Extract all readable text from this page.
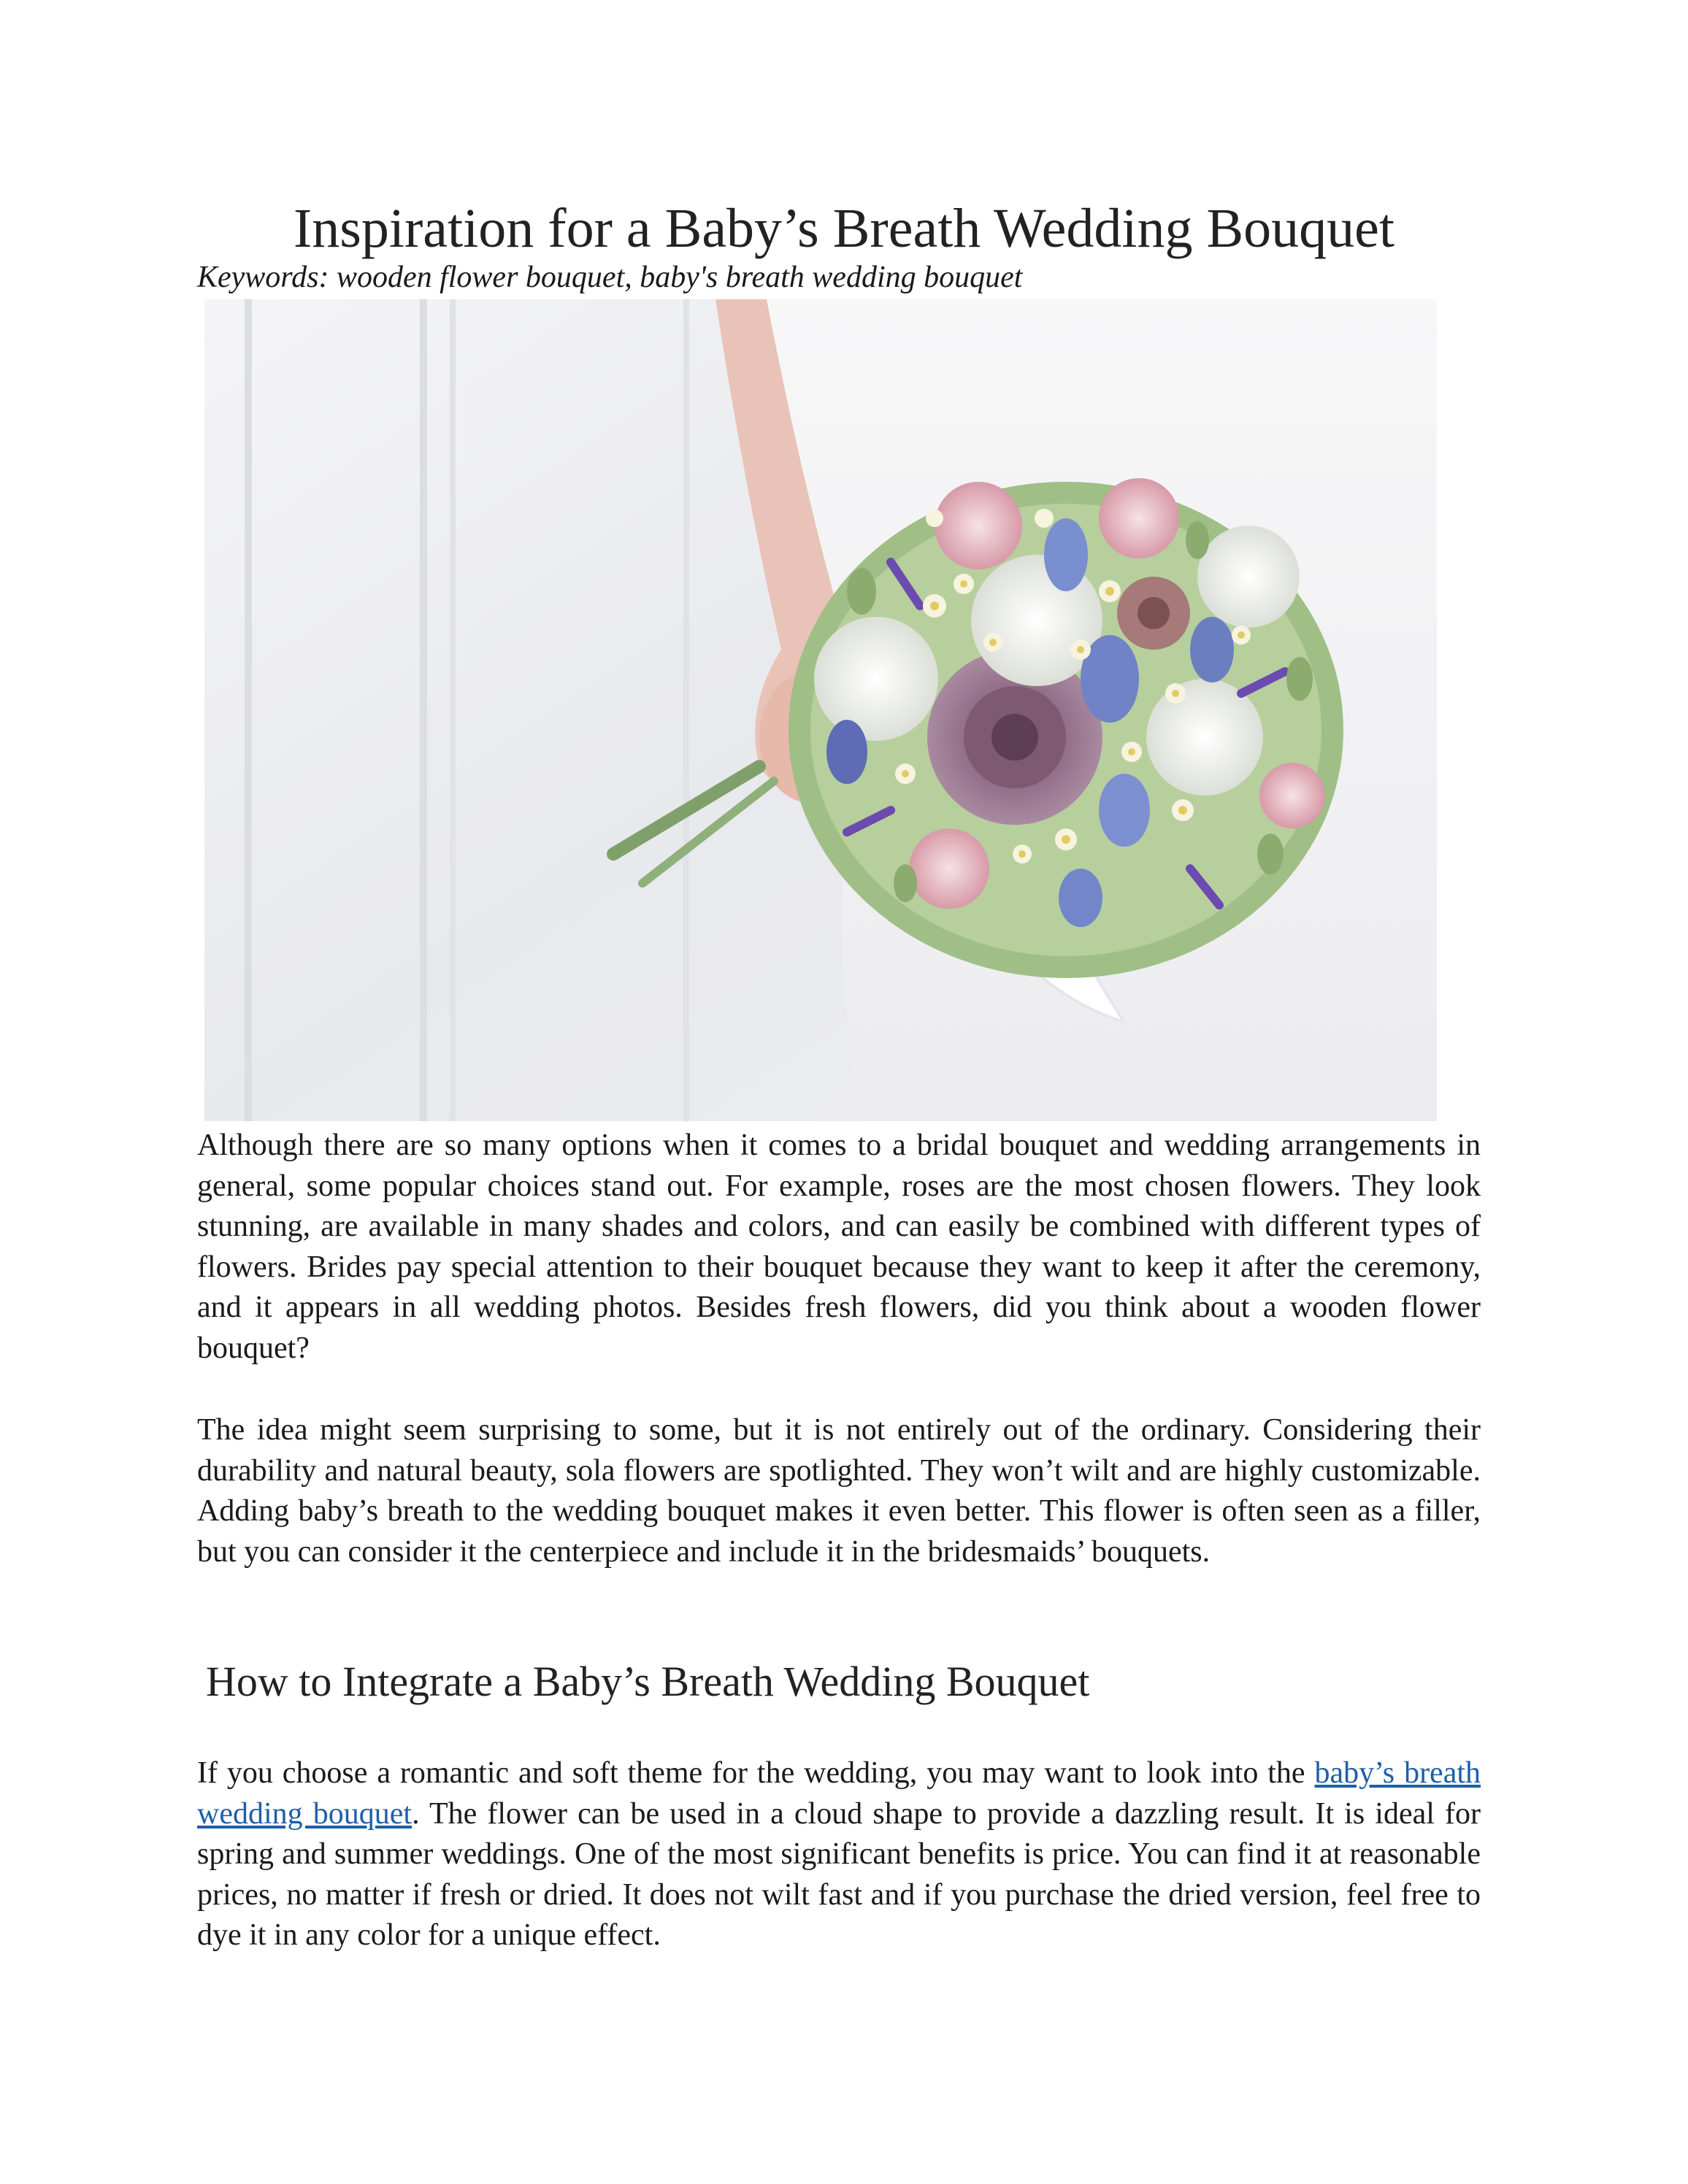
Inspiration for a Baby’s Breath Wedding Bouquet

Keywords: wooden flower bouquet, baby's breath wedding bouquet

Although there are so many options when it comes to a bridal bouquet and wedding arrangements in general, some popular choices stand out. For example, roses are the most chosen flowers. They look stunning, are available in many shades and colors, and can easily be combined with different types of flowers. Brides pay special attention to their bouquet because they want to keep it after the ceremony, and it appears in all wedding photos. Besides fresh flowers, did you think about a wooden flower bouquet?

The idea might seem surprising to some, but it is not entirely out of the ordinary. Considering their durability and natural beauty, sola flowers are spotlighted. They won’t wilt and are highly customizable. Adding baby’s breath to the wedding bouquet makes it even better. This flower is often seen as a filler, but you can consider it the centerpiece and include it in the bridesmaids’ bouquets.

How to Integrate a Baby’s Breath Wedding Bouquet

If you choose a romantic and soft theme for the wedding, you may want to look into the baby’s breath wedding bouquet. The flower can be used in a cloud shape to provide a dazzling result. It is ideal for spring and summer weddings. One of the most significant benefits is price. You can find it at reasonable prices, no matter if fresh or dried. It does not wilt fast and if you purchase the dried version, feel free to dye it in any color for a unique effect.
